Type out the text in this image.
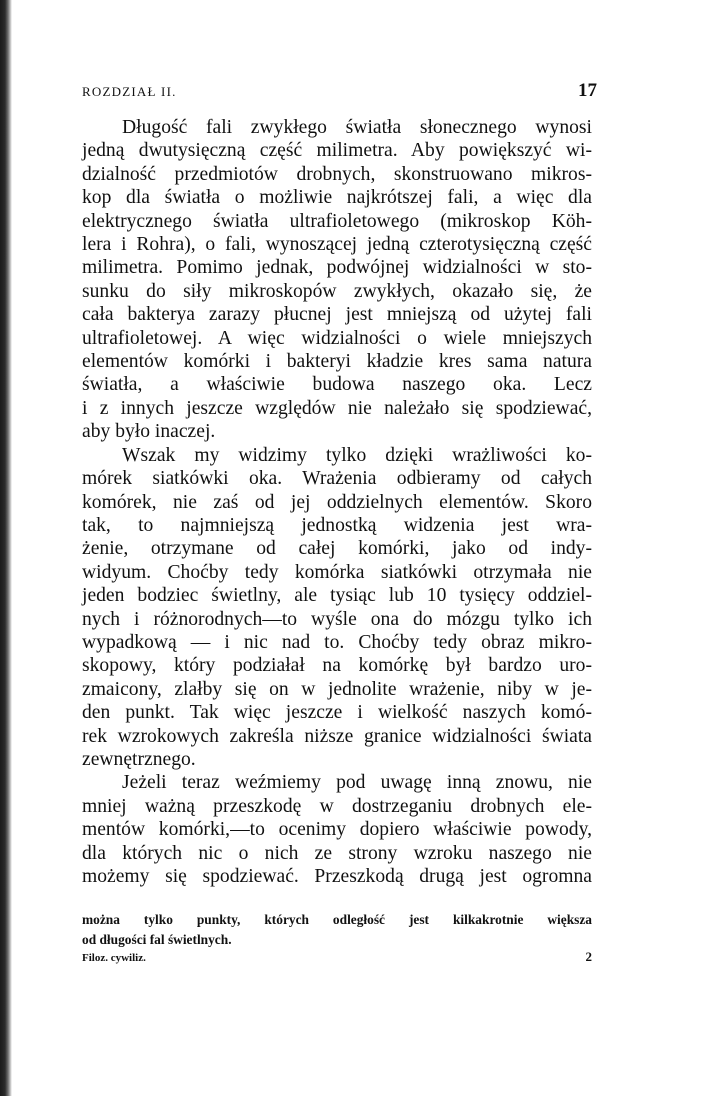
ROZDZIAŁ II.	17
Długość fali zwykłego światła słonecznego wynosi
jedną dwutysięczną część milimetra. Aby powiększyć wi-
dzialność przedmiotów drobnych, skonstruowano mikros-
kop dla światła o możliwie najkrótszej fali, a więc dla
elektrycznego światła ultrafioletowego (mikroskop Köh-
lera i Rohra), o fali, wynoszącej jedną czterotysięczną część
milimetra. Pomimo jednak, podwójnej widzialności w sto-
sunku do siły mikroskopów zwykłych, okazało się, że
cała bakterya zarazy płucnej jest mniejszą od użytej fali
ultrafioletowej. A więc widzialności o wiele mniejszych
elementów komórki i bakteryi kładzie kres sama natura
światła, a właściwie budowa naszego oka. Lecz
i z innych jeszcze względów nie należało się spodziewać,
aby było inaczej.
Wszak my widzimy tylko dzięki wrażliwości ko-
mórek siatkówki oka. Wrażenia odbieramy od całych
komórek, nie zaś od jej oddzielnych elementów. Skoro
tak, to najmniejszą jednostką widzenia jest wra-
żenie, otrzymane od całej komórki, jako od indy-
widyum. Choćby tedy komórka siatkówki otrzymała nie
jeden bodziec świetlny, ale tysiąc lub 10 tysięcy oddziel-
nych i różnorodnych—to wyśle ona do mózgu tylko ich
wypadkową — i nic nad to. Choćby tedy obraz mikro-
skopowy, który podziałał na komórkę był bardzo uro-
zmaicony, zlałby się on w jednolite wrażenie, niby w je-
den punkt. Tak więc jeszcze i wielkość naszych komó-
rek wzrokowych zakreśla niższe granice widzialności świata
zewnętrznego.
Jeżeli teraz weźmiemy pod uwagę inną znowu, nie
mniej ważną przeszkodę w dostrzeganiu drobnych ele-
mentów komórki,—to ocenimy dopiero właściwie powody,
dla których nic o nich ze strony wzroku naszego nie
możemy się spodziewać. Przeszkodą drugą jest ogromna
można tylko punkty, których odległość jest kilkakrotnie większa
od długości fal świetlnych.
Filoz. cywiliz.	2
